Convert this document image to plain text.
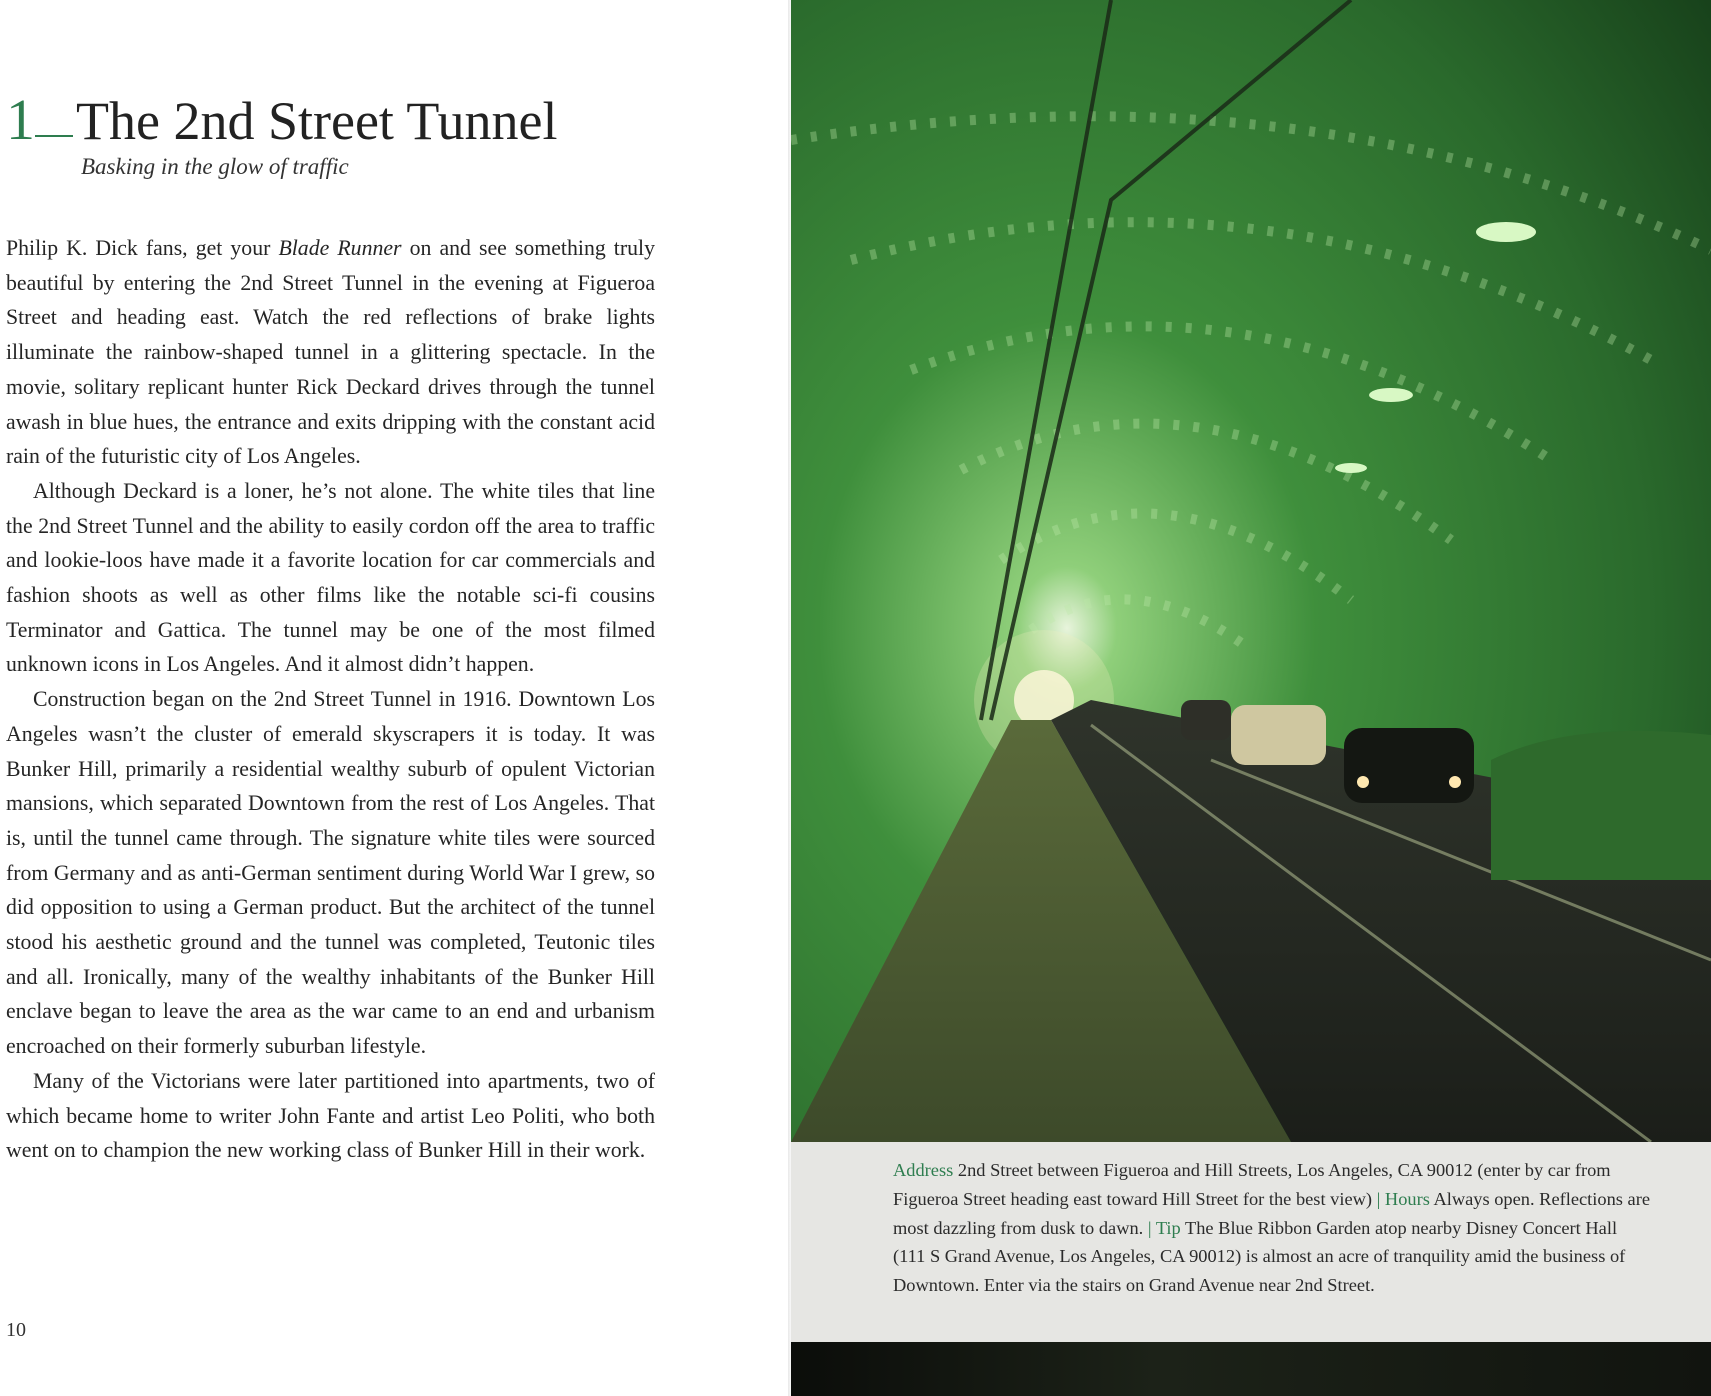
1 The 2nd Street Tunnel
Basking in the glow of traffic

Philip K. Dick fans, get your Blade Runner on and see something truly beautiful by entering the 2nd Street Tunnel in the evening at Figueroa Street and heading east. Watch the red reflections of brake lights illuminate the rainbow-shaped tunnel in a glittering spectacle. In the movie, solitary replicant hunter Rick Deckard drives through the tunnel awash in blue hues, the entrance and exits dripping with the constant acid rain of the futuristic city of Los Angeles.

Although Deckard is a loner, he’s not alone. The white tiles that line the 2nd Street Tunnel and the ability to easily cordon off the area to traffic and lookie-loos have made it a favorite location for car commercials and fashion shoots as well as other films like the notable sci-fi cousins Terminator and Gattica. The tunnel may be one of the most filmed unknown icons in Los Angeles. And it almost didn’t happen.

Construction began on the 2nd Street Tunnel in 1916. Downtown Los Angeles wasn’t the cluster of emerald skyscrapers it is today. It was Bunker Hill, primarily a residential wealthy suburb of opulent Victorian mansions, which separated Downtown from the rest of Los Angeles. That is, until the tunnel came through. The signature white tiles were sourced from Germany and as anti-German sentiment during World War I grew, so did opposition to using a German product. But the architect of the tunnel stood his aesthetic ground and the tunnel was completed, Teutonic tiles and all. Ironically, many of the wealthy inhabitants of the Bunker Hill enclave began to leave the area as the war came to an end and urbanism encroached on their formerly suburban lifestyle.

Many of the Victorians were later partitioned into apartments, two of which became home to writer John Fante and artist Leo Politi, who both went on to champion the new working class of Bunker Hill in their work.

10
Address 2nd Street between Figueroa and Hill Streets, Los Angeles, CA 90012 (enter by car from Figueroa Street heading east toward Hill Street for the best view) | Hours Always open. Reflections are most dazzling from dusk to dawn. | Tip The Blue Ribbon Garden atop nearby Disney Concert Hall (111 S Grand Avenue, Los Angeles, CA 90012) is almost an acre of tranquility amid the business of Downtown. Enter via the stairs on Grand Avenue near 2nd Street.
